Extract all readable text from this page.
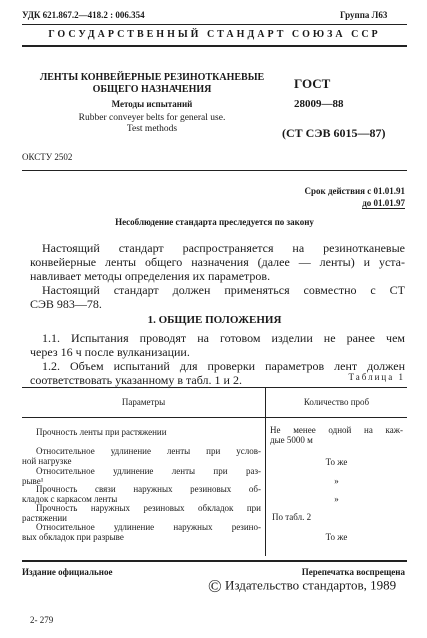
УДК 621.867.2—418.2 : 006.354	Группа Л63
ГОСУДАРСТВЕННЫЙ СТАНДАРТ СОЮЗА ССР
ЛЕНТЫ КОНВЕЙЕРНЫЕ РЕЗИНОТКАНЕВЫЕ
ОБЩЕГО НАЗНАЧЕНИЯ
Методы испытаний
Rubber conveyer belts for general use.
Test methods
ГОСТ
28009—88
(СТ СЭВ 6015—87)
ОКСТУ 2502
Срок действия с 01.01.91
до 01.01.97
Несоблюдение стандарта преследуется по закону
Настоящий стандарт распространяется на резинотканевые
конвейерные ленты общего назначения (далее — ленты) и уста-
навливает методы определения их параметров.
Настоящий стандарт должен применяться совместно с СТ
СЭВ 983—78.
1. ОБЩИЕ ПОЛОЖЕНИЯ
1.1. Испытания проводят на готовом изделии не ранее чем
через 16 ч после вулканизации.
1.2. Объем испытаний для проверки параметров лент должен
соответствовать указанному в табл. 1 и 2.	Таблица 1
Параметры	Количество проб
Прочность ленты при растяжении	Не менее одной на каж-
дые 5000 м
Относительное удлинение ленты при услов-
ной нагрузке	То же
Относительное удлинение ленты при раз-
рыве¹	»
Прочность связи наружных резиновых об-
кладок с каркасом ленты	»
Прочность наружных резиновых обкладок при
растяжении	По табл. 2
Относительное удлинение наружных резино-
вых обкладок при разрыве	То же
Издание официальное	Перепечатка воспрещена
© Издательство стандартов, 1989
2- 279
